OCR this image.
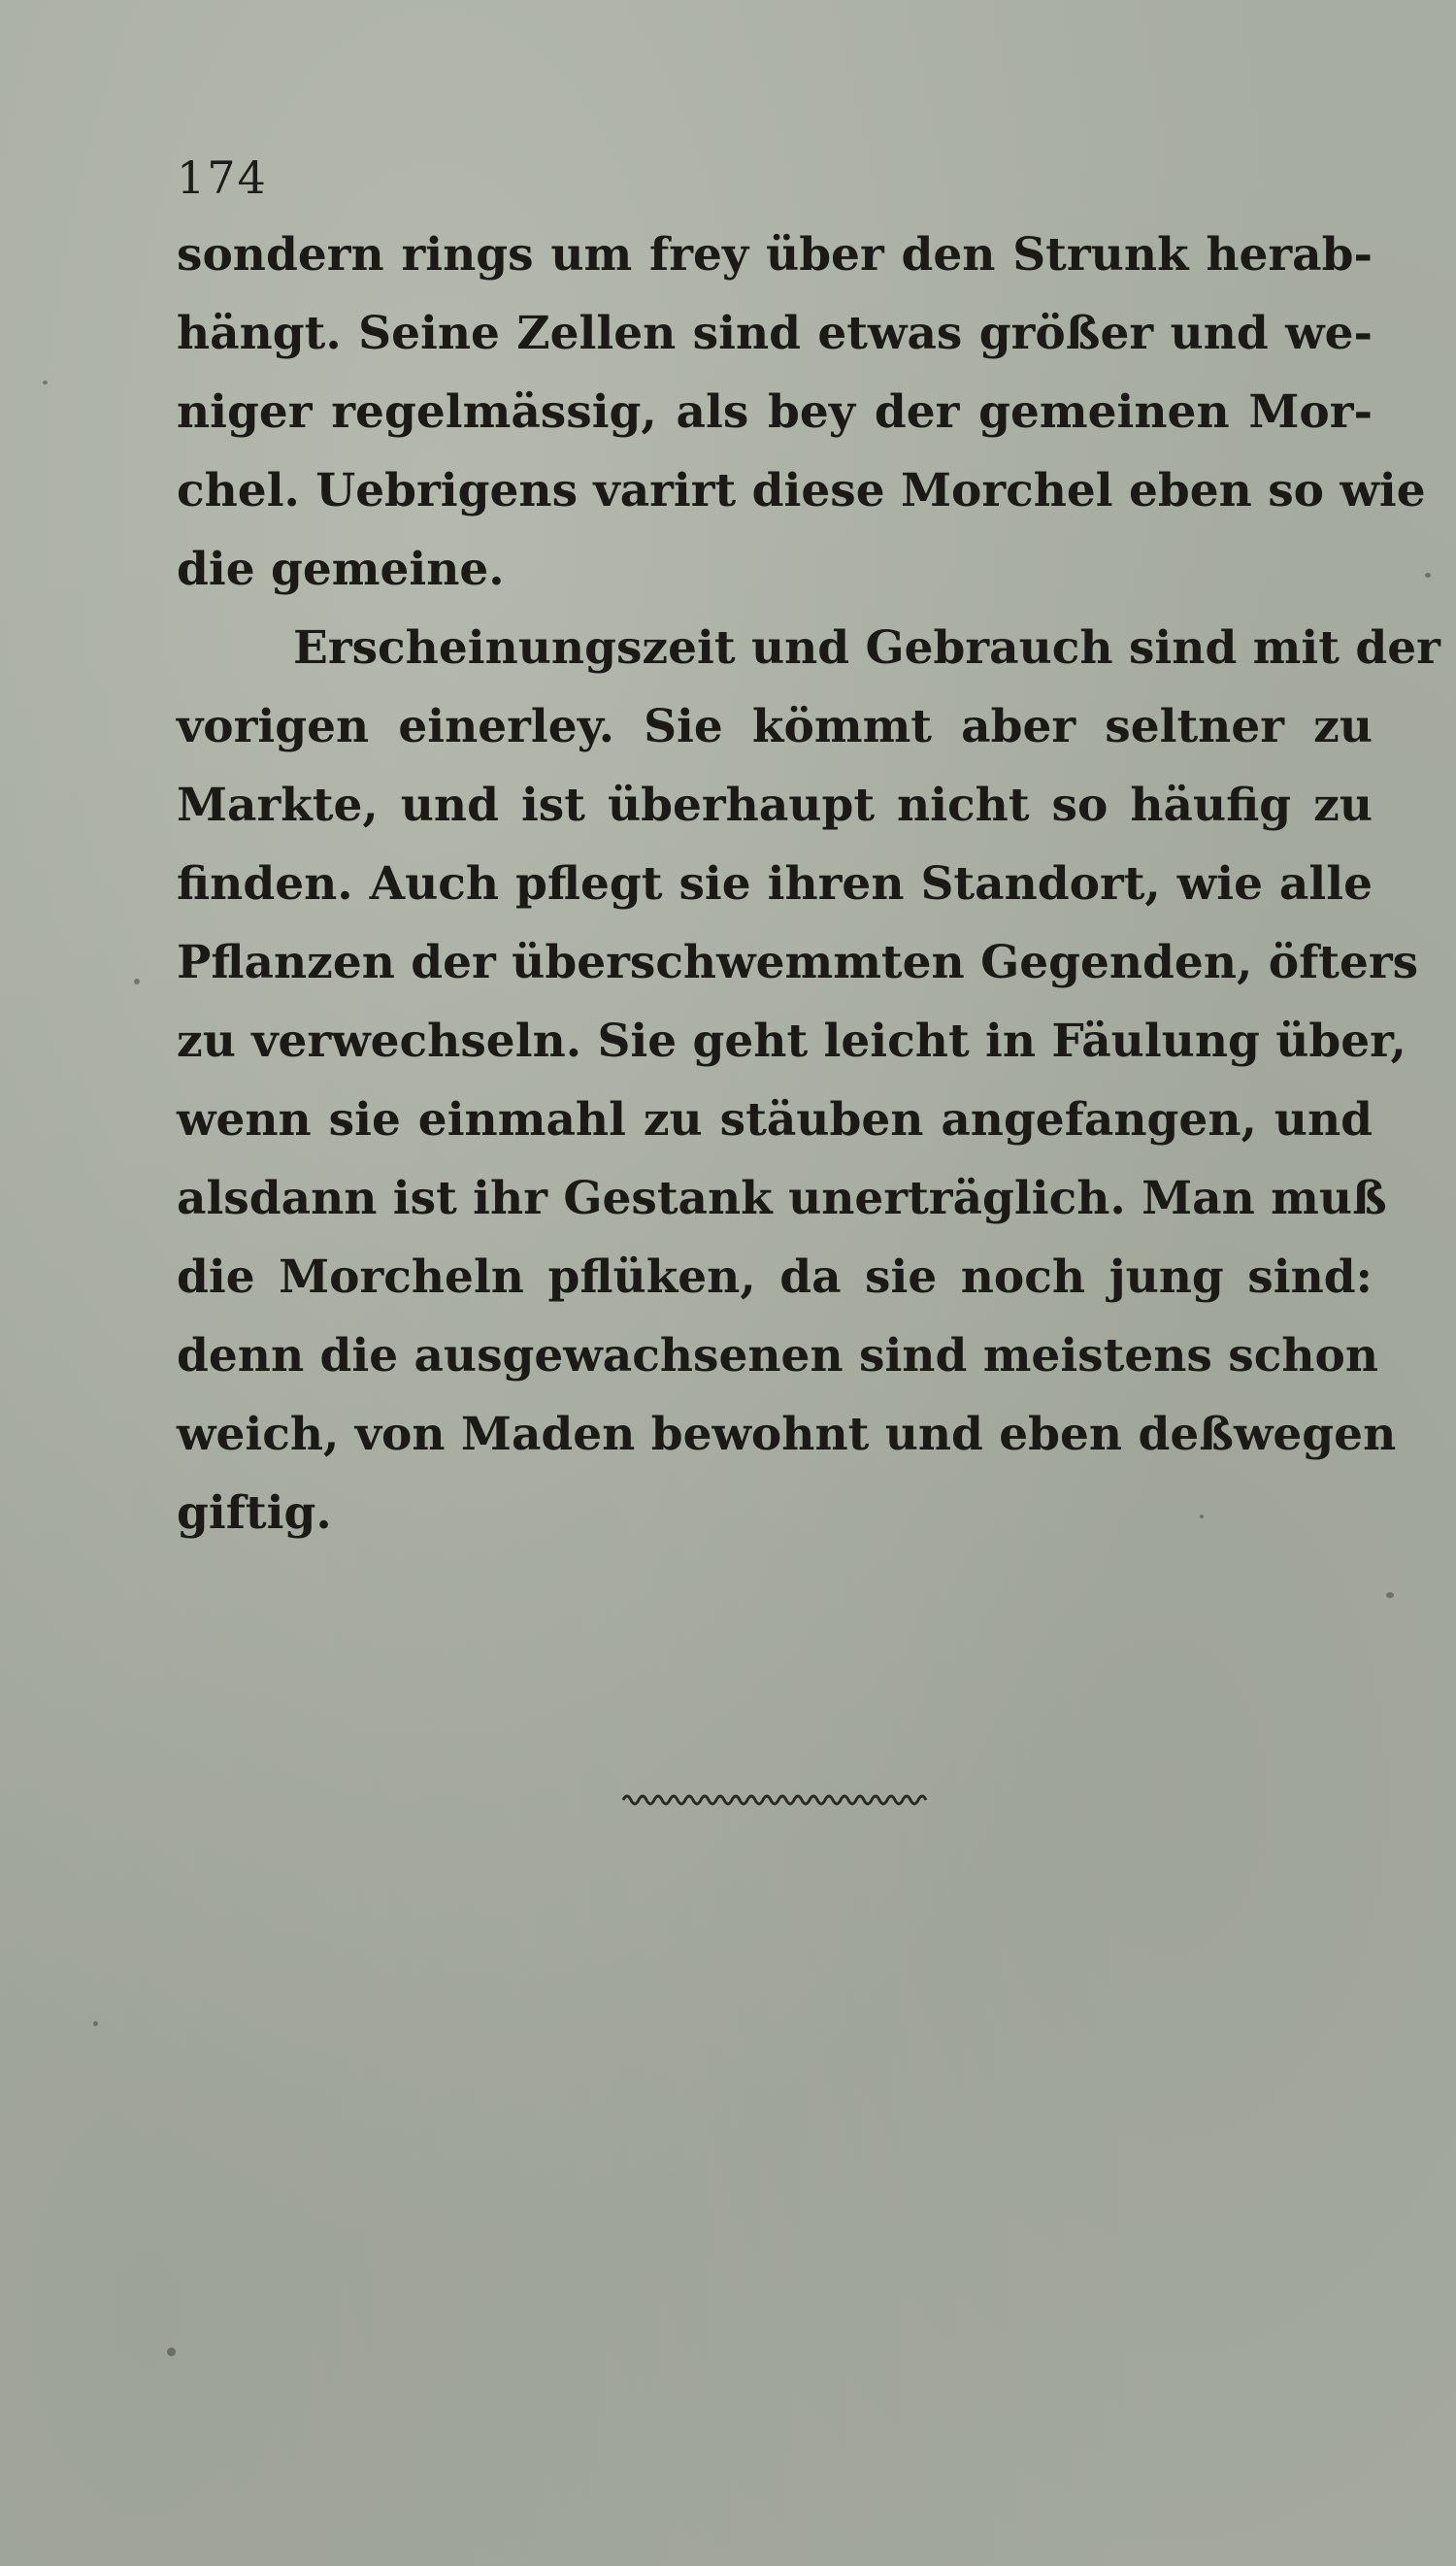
174
sondern rings um frey über den Strunk herab-
hängt. Seine Zellen sind etwas größer und we-
niger regelmässig, als bey der gemeinen Mor-
chel. Uebrigens varirt diese Morchel eben so wie
die gemeine.
Erscheinungszeit und Gebrauch sind mit der
vorigen einerley. Sie kömmt aber seltner zu
Markte, und ist überhaupt nicht so häufig zu
finden. Auch pflegt sie ihren Standort, wie alle
Pflanzen der überschwemmten Gegenden, öfters
zu verwechseln. Sie geht leicht in Fäulung über,
wenn sie einmahl zu stäuben angefangen, und
alsdann ist ihr Gestank unerträglich. Man muß
die Morcheln pflüken, da sie noch jung sind:
denn die ausgewachsenen sind meistens schon
weich, von Maden bewohnt und eben deßwegen
giftig.
